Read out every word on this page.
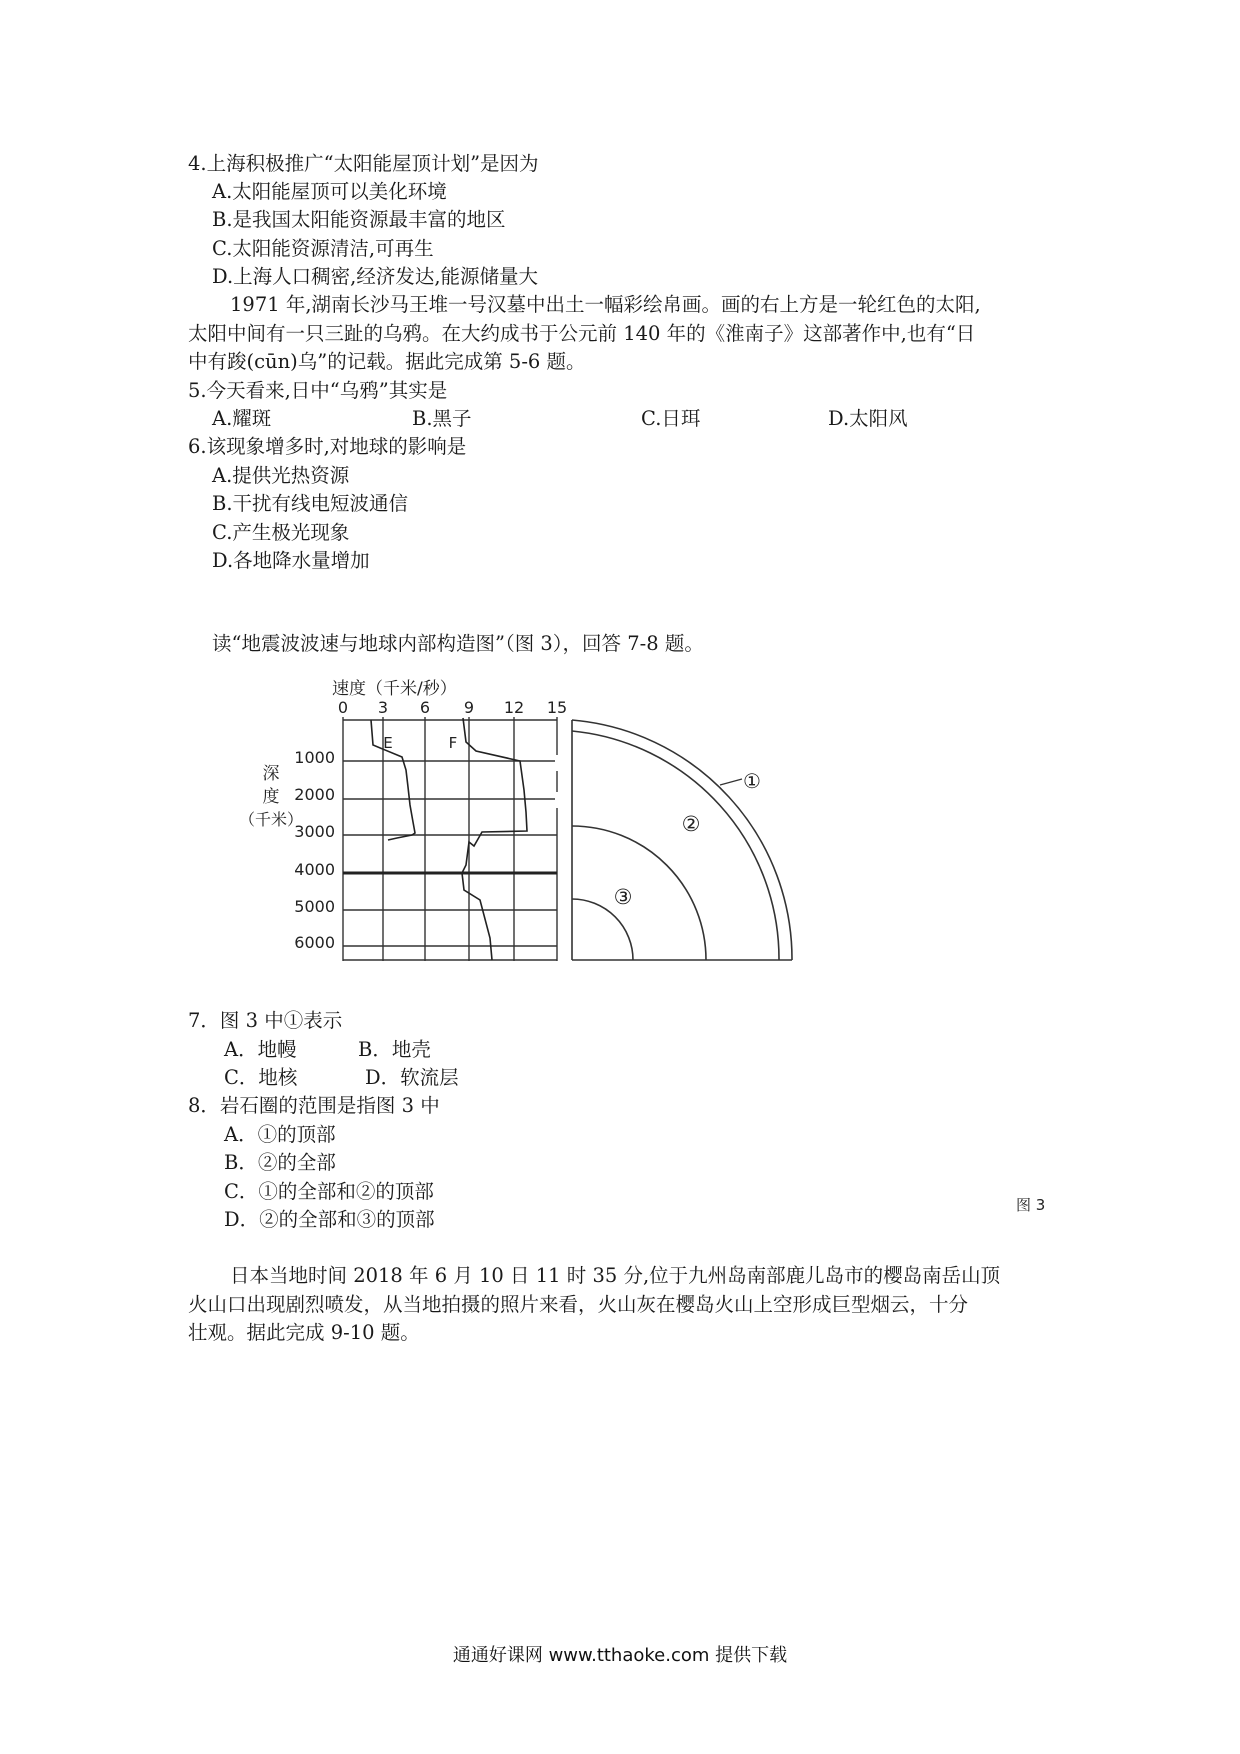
4.上海积极推广“太阳能屋顶计划”是因为
A.太阳能屋顶可以美化环境
B.是我国太阳能资源最丰富的地区
C.太阳能资源清洁,可再生
D.上海人口稠密,经济发达,能源储量大
1971 年,湖南长沙马王堆一号汉墓中出土一幅彩绘帛画。画的右上方是一轮红色的太阳,
太阳中间有一只三趾的乌鸦。在大约成书于公元前 140 年的《淮南子》这部著作中,也有“日
中有踆(cūn)乌”的记载。据此完成第 5-6 题。
5.今天看来,日中“乌鸦”其实是
A.耀斑	B.黑子	C.日珥	D.太阳风
6.该现象增多时,对地球的影响是
A.提供光热资源
B.干扰有线电短波通信
C.产生极光现象
D.各地降水量增加
读“地震波波速与地球内部构造图”（图 3），回答 7-8 题。
速度（千米/秒）
0 3 6 9 12 15
1000
2000
3000
4000
5000
6000
深
度
（千米）
E	F
①
②
③
图 3
7．图 3 中①表示
A．地幔	B．地壳
C．地核	D．软流层
8．岩石圈的范围是指图 3 中
A．①的顶部
B．②的全部
C．①的全部和②的顶部
D．②的全部和③的顶部
日本当地时间 2018 年 6 月 10 日 11 时 35 分,位于九州岛南部鹿儿岛市的樱岛南岳山顶
火山口出现剧烈喷发，从当地拍摄的照片来看，火山灰在樱岛火山上空形成巨型烟云，十分
壮观。据此完成 9-10 题。
通通好课网 www.tthaoke.com 提供下载
